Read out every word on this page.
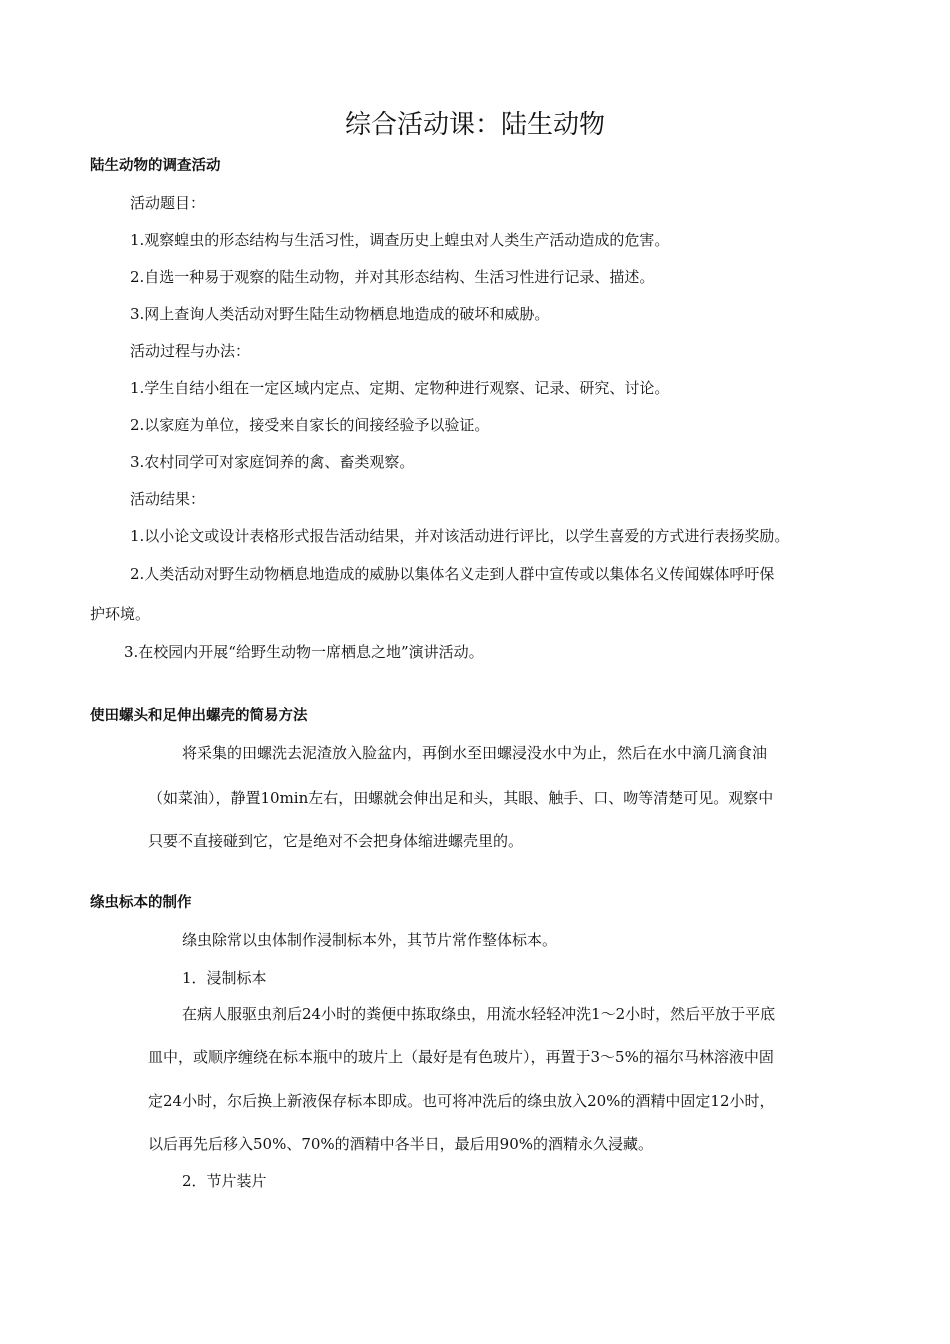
综合活动课：陆生动物
陆生动物的调查活动
活动题目：
1.观察蝗虫的形态结构与生活习性，调查历史上蝗虫对人类生产活动造成的危害。
2.自选一种易于观察的陆生动物，并对其形态结构、生活习性进行记录、描述。
3.网上查询人类活动对野生陆生动物栖息地造成的破坏和威胁。
活动过程与办法：
1.学生自结小组在一定区域内定点、定期、定物种进行观察、记录、研究、讨论。
2.以家庭为单位，接受来自家长的间接经验予以验证。
3.农村同学可对家庭饲养的禽、畜类观察。
活动结果：
1.以小论文或设计表格形式报告活动结果，并对该活动进行评比，以学生喜爱的方式进行表扬奖励。
2.人类活动对野生动物栖息地造成的威胁以集体名义走到人群中宣传或以集体名义传闻媒体呼吁保
护环境。
3.在校园内开展“给野生动物一席栖息之地”演讲活动。
使田螺头和足伸出螺壳的简易方法
将采集的田螺洗去泥渣放入脸盆内，再倒水至田螺浸没水中为止，然后在水中滴几滴食油
（如菜油），静置10min左右，田螺就会伸出足和头，其眼、触手、口、吻等清楚可见。观察中
只要不直接碰到它，它是绝对不会把身体缩进螺壳里的。
绦虫标本的制作
绦虫除常以虫体制作浸制标本外，其节片常作整体标本。
1．浸制标本
在病人服驱虫剂后24小时的粪便中拣取绦虫，用流水轻轻冲洗1～2小时，然后平放于平底
皿中，或顺序缠绕在标本瓶中的玻片上（最好是有色玻片），再置于3～5%的福尔马林溶液中固
定24小时，尔后换上新液保存标本即成。也可将冲洗后的绦虫放入20%的酒精中固定12小时，
以后再先后移入50%、70%的酒精中各半日，最后用90%的酒精永久浸藏。
2．节片装片
